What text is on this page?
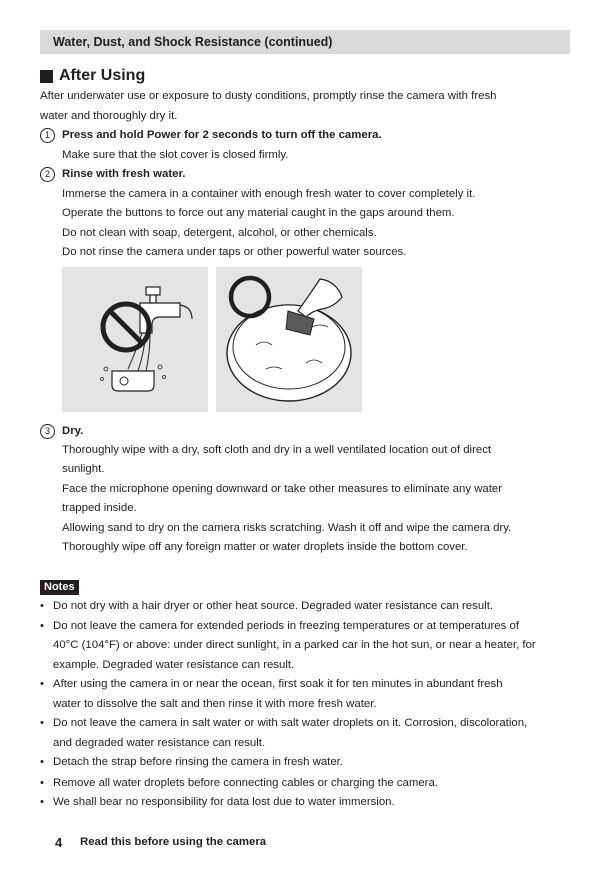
Water, Dust, and Shock Resistance (continued)
After Using
After underwater use or exposure to dusty conditions, promptly rinse the camera with fresh
water and thoroughly dry it.
1	Press and hold Power for 2 seconds to turn off the camera.
Make sure that the slot cover is closed firmly.
2	Rinse with fresh water.
Immerse the camera in a container with enough fresh water to cover completely it.
Operate the buttons to force out any material caught in the gaps around them.
Do not clean with soap, detergent, alcohol, or other chemicals.
Do not rinse the camera under taps or other powerful water sources.
3	Dry.
Thoroughly wipe with a dry, soft cloth and dry in a well ventilated location out of direct
sunlight.
Face the microphone opening downward or take other measures to eliminate any water
trapped inside.
Allowing sand to dry on the camera risks scratching. Wash it off and wipe the camera dry.
Thoroughly wipe off any foreign matter or water droplets inside the bottom cover.
Notes
• Do not dry with a hair dryer or other heat source. Degraded water resistance can result.
• Do not leave the camera for extended periods in freezing temperatures or at temperatures of
40°C (104°F) or above: under direct sunlight, in a parked car in the hot sun, or near a heater, for
example. Degraded water resistance can result.
• After using the camera in or near the ocean, first soak it for ten minutes in abundant fresh
water to dissolve the salt and then rinse it with more fresh water.
• Do not leave the camera in salt water or with salt water droplets on it. Corrosion, discoloration,
and degraded water resistance can result.
• Detach the strap before rinsing the camera in fresh water.
• Remove all water droplets before connecting cables or charging the camera.
• We shall bear no responsibility for data lost due to water immersion.
4 Read this before using the camera
